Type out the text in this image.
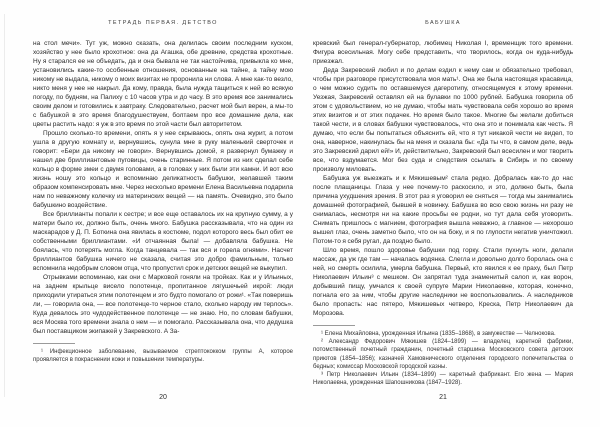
ТЕТРАДЬ ПЕРВАЯ. ДЕТСТВО

на стол мечи». Тут уж, можно сказать, она делилась своим последним куском, хозяйство у нее было крохотное: она да Агашка, обе древние, средства крохотные. Ну я старался ее не объедать, да и она бывала не так настойчива, привыкла ко мне, установились какие-то особенные отношения, основанные на тайне, а тайну мою никому не выдала, никому о моих визитах не проронила ни слова. А мне как-то везло, никто меня у нее не накрыл. Да кому, правда, была нужда тащиться к ней во всякую погоду, по будням, на Палиху с 10 часов утра и до часу. В это время все занимались своим делом и готовились к завтраку. Следовательно, расчет мой был верен, а мы-то с бабушкой в это время благодушествуем, болтаем про все домашние дела, как цветы растить надо: я уж в это время по этой части был авторитетом.

Прошло сколько-то времени, опять я у нее скрываюсь, опять она журит, а потом ушла в другую комнату и, вернувшись, сунула мне в руку маленький сверточек и говорит: «Бери да никому не говори». Вернувшись домой, я развернул бумажку и нашел две бриллиантовые пуговицы, очень старинные. Я потом из них сделал себе кольцо в форме змеи с двумя головами, а в головах у них были эти камни. И вот всю жизнь ношу это кольцо и вспоминаю деликатность бабушки, желавшей таким образом компенсировать мне. Через несколько времени Елена Васильевна подарила нам по неважному колечку из материнских вещей — на память. Очевидно, это было бабушкино воздействие.

Все бриллианты попали к сестре; и все еще оставалось их на крупную сумму, а у матери было их, должно быть, очень много. Бабушка рассказывала, что на один из маскарадов у Д. П. Боткина она явилась в костюме, подол которого весь был обит ее собственными бриллиантами. «И отчаянная была! — добавляла бабушка. Не боялась, что потерять могла. Когда танцевала — так вся и горела огнями». Насчет бриллиантов бабушка ничего не сказала, считая это добро фамильным, только вспомнила недобрым словом отца, что пропустил срок и детских вещей не выкупил.

Отрывками вспоминаю, как они с Марковой гоняли на тройках. Как и у Ильиных, на заднем крыльце висело полотенце, пропитанное лягушечьей икрой: люди приходили утираться этим полотенцем и это будто помогало от рожи¹. «Так поверишь ли, — говорила она, — все полотенце-то черное стало, сколько народу им терлось». Куда девалось это чудодейственное полотенце — не знаю. Но, по словам бабушки, вся Москва того времени знала о нем — и помогало. Рассказывала она, что дедушка был поставщиком экипажей у Закревского. А За-

¹ Инфекционное заболевание, вызываемое стрептококком группы А, которое проявляется в покраснении кожи и повышении температуры.

20
БАБУШКА

кревский был генерал-губернатор, любимец Николая I, временщик того времени. Фигура всесильная. Могу себе представить, что творилось, когда он куда-нибудь приезжал.

Деда Закревский любил и по делам ездил к нему сам и обязательно требовал, чтобы при разговоре присутствовала моя мать¹. Она же была настоящая красавица, о чем можно судить по оставшемуся дагеротипу, относящемуся к этому времени. Уезжая, Закревский оставлял ей на булавки по 1000 рублей. Бабушка говорила об этом с удовольствием, но не думаю, чтобы мать чувствовала себя хорошо во время этих визитов и от этих подачек. Но время было такое. Многие бы желали добиться такой чести, и в словах бабушки чувствовалось, что она это и понимала как честь. Я думаю, что если бы попытаться объяснить ей, что я тут никакой чести не видел, то она, наверное, накинулась бы на меня и сказала бы: «Да ты что, в самом деле, ведь это Закревский дарил ей!» И, действительно, Закревский был всесилен и мог творить все, что вздумается. Мог без суда и следствия ссылать в Сибирь и по своему произволу миловать.

Бабушка уж выезжать и к Мякишевым² стала редко. Добралась как-то до нас после плащаницы. Глаза у нее почему-то раскосило, и это, должно быть, была причина ухудшения зрения. В этот раз я уговорил ее сняться — тогда мы занимались домашней фотографией, бывшей в новинку. Бабушка во всю свою жизнь ни разу не снималась, несмотря ни на какие просьбы ее родни, но тут дала себя уговорить. Снимать пришлось с магнием, фотография вышла неважно, а главное — нехорошо вышел глаз, очень заметно было, что он на боку, и я по глупости негатив уничтожил. Потом-то я себя ругал, да поздно было.

Шло время, пошло здоровье бабушки под горку. Стали пухнуть ноги, делали массаж, да уж где там — началась водянка. Слегла и довольно долго боролась она с ней, но смерть осилила, умерла бабушка. Первый, кто явился к ее праху, был Петр Николаевич Ильин³ с мешком. Он запрятал туда знаменитый салоп и, как ворон, добывший пищу, умчался к своей супруге Марии Николаевне, которая, конечно, погнала его за ним, чтобы другие наследники не воспользовались. А наследников было пропасть: нас пятеро, Мякишевых четверо, Креска, Петр Николаевич да Морозова.

¹ Елена Михайловна, урожденная Ильина (1835–1868), в замужестве — Челнокова.

² Александр Федорович Мякишев (1824–1899) — владелец каретной фабрики, потомственный почетный гражданин, почетный старшина Московского совета детских приютов (1854–1856); казначей Хамовнического отделения городского попечительства о бедных; комиссар Московской городской казны.

³ Петр Николаевич Ильин (1834–1899) — каретный фабрикант. Его жена — Мария Николаевна, урожденная Шапошникова (1847–1928).

21
